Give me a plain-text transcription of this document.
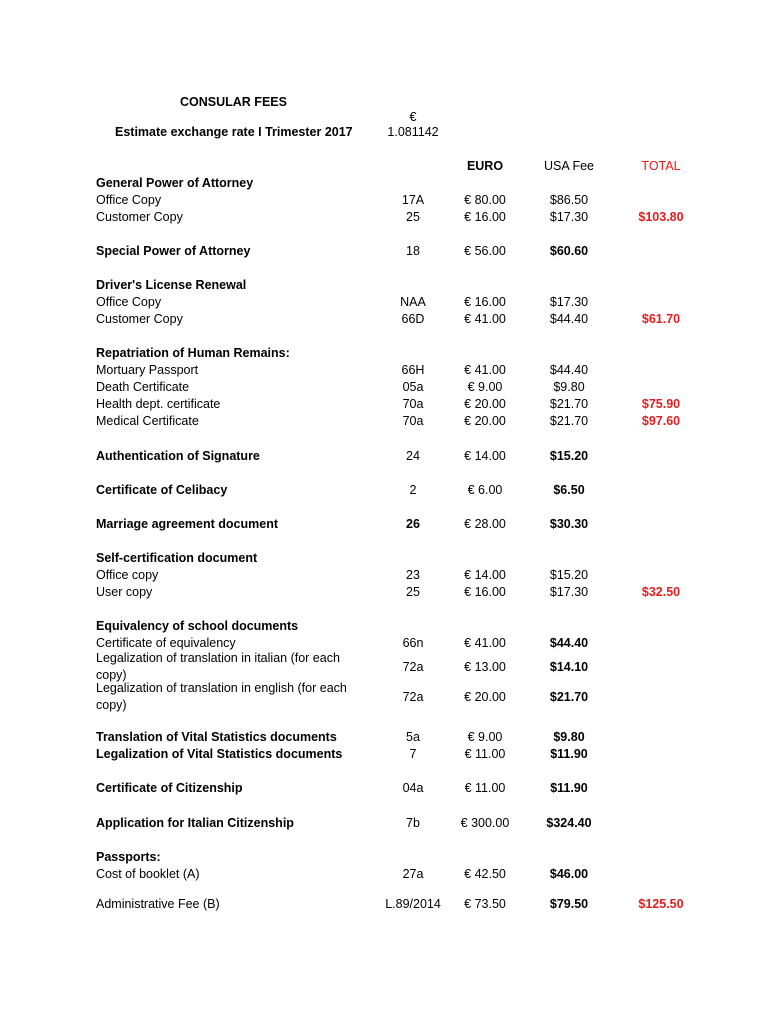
CONSULAR FEES
Estimate exchange rate I Trimester 2017
€
1.081142
EURO	USA Fee	TOTAL
General Power of Attorney
Office Copy	17A	€ 80.00	$86.50
Customer Copy	25	€ 16.00	$17.30	$103.80
Special Power of Attorney	18	€ 56.00	$60.60
Driver's License Renewal
Office Copy	NAA	€ 16.00	$17.30
Customer Copy	66D	€ 41.00	$44.40	$61.70
Repatriation of Human Remains:
Mortuary Passport	66H	€ 41.00	$44.40
Death Certificate	05a	€ 9.00	$9.80
Health dept. certificate	70a	€ 20.00	$21.70	$75.90
Medical Certificate	70a	€ 20.00	$21.70	$97.60
Authentication of Signature	24	€ 14.00	$15.20
Certificate of Celibacy	2	€ 6.00	$6.50
Marriage agreement document	26	€ 28.00	$30.30
Self-certification document
Office copy	23	€ 14.00	$15.20
User copy	25	€ 16.00	$17.30	$32.50
Equivalency of school documents
Certificate of equivalency	66n	€ 41.00	$44.40
Legalization of translation in italian (for each
copy)
72a	€ 13.00	$14.10
Legalization of translation in english (for each
copy)
72a	€ 20.00	$21.70
Translation of Vital Statistics documents	5a	€ 9.00	$9.80
Legalization of Vital Statistics documents	7	€ 11.00	$11.90
Certificate of Citizenship	04a	€ 11.00	$11.90
Application for Italian Citizenship	7b	€ 300.00	$324.40
Passports:
Cost of booklet (A)	27a	€ 42.50	$46.00
Administrative Fee (B)	L.89/2014	€ 73.50	$79.50	$125.50
